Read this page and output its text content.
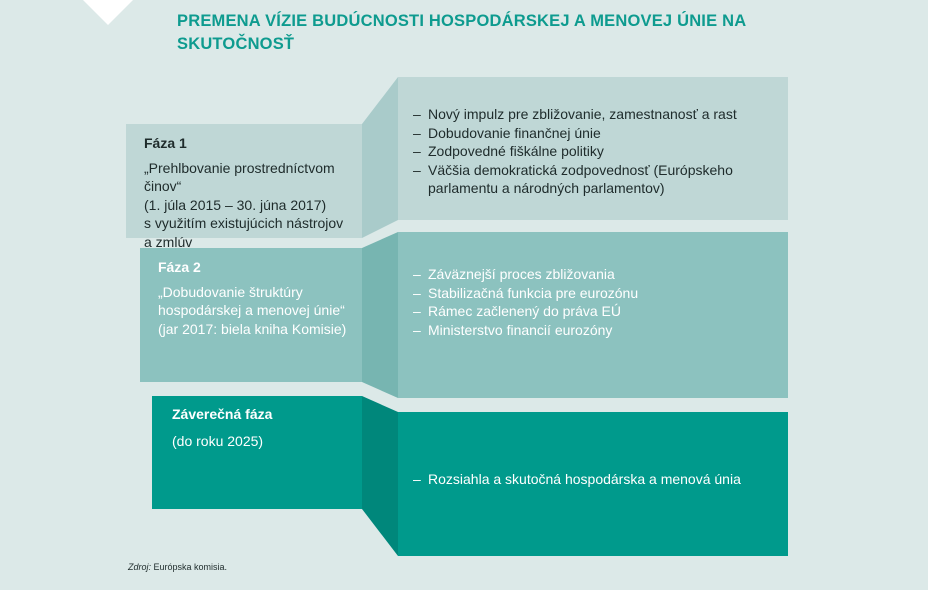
PREMENA VÍZIE BUDÚCNOSTI HOSPODÁRSKEJ A MENOVEJ ÚNIE NA SKUTOČNOSŤ
Fáza 1
„Prehlbovanie prostredníctvom činov“
(1. júla 2015 – 30. júna 2017)
s využitím existujúcich nástrojov
a zmlúv
– Nový impulz pre zbližovanie, zamestnanosť a rast
– Dobudovanie finančnej únie
– Zodpovedné fiškálne politiky
– Väčšia demokratická zodpovednosť (Európskeho
parlamentu a národných parlamentov)
Fáza 2
„Dobudovanie štruktúry
hospodárskej a menovej únie“
(jar 2017: biela kniha Komisie)
– Záväznejší proces zbližovania
– Stabilizačná funkcia pre eurozónu
– Rámec začlenený do práva EÚ
– Ministerstvo financií eurozóny
Záverečná fáza
(do roku 2025)
– Rozsiahla a skutočná hospodárska a menová únia
Zdroj: Európska komisia.
